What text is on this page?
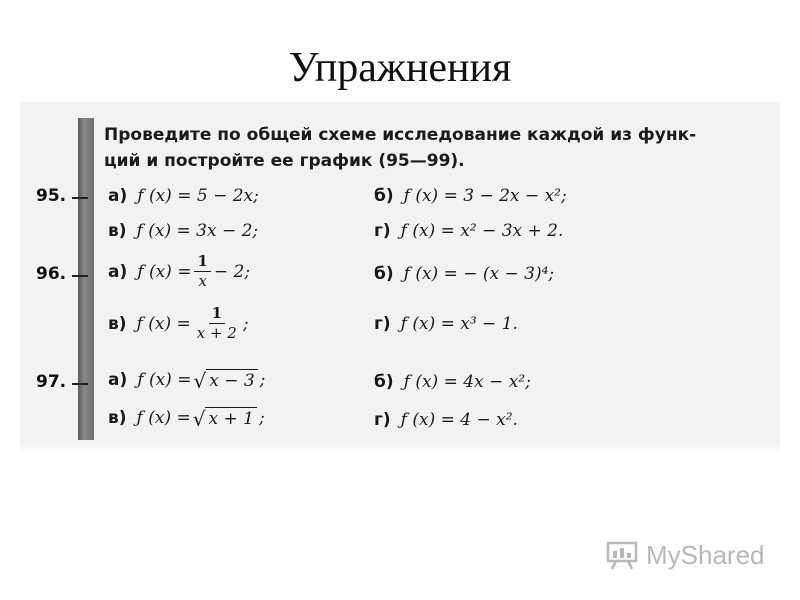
Упражнения
Проведите по общей схеме исследование каждой из функ-
ций и постройте ее график (95—99).
95. а) ƒ (x) = 5 − 2x;	б) ƒ (x) = 3 − 2x − x²;
в) ƒ (x) = 3x − 2;	г) ƒ (x) = x² − 3x + 2.
96. а) ƒ $(x) = \frac{1}{x} - 2$;	б) ƒ (x) = − (x − 3)⁴;
в) ƒ $(x) = \frac{1}{x + 2}$ ;	г) ƒ (x) = x³ − 1.
97. а) ƒ (x) = √ x − 3 ;	б) ƒ (x) = 4x − x²;
в) ƒ (x) = √ x + 1 ;	г) ƒ (x) = 4 − x².
MyShared
